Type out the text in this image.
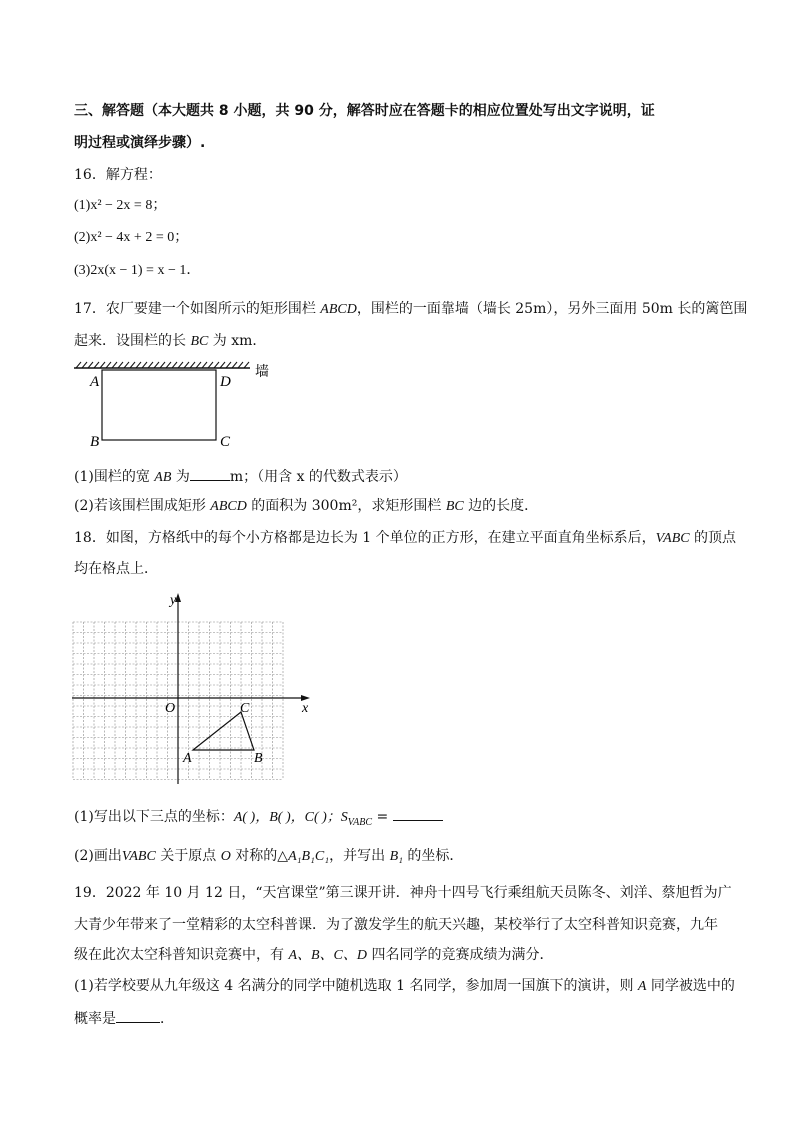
三、解答题（本大题共 8 小题，共 90 分，解答时应在答题卡的相应位置处写出文字说明，证
明过程或演绎步骤）.
16．解方程：
(1)x² − 2x = 8；
(2)x² − 4x + 2 = 0；
(3)2x(x − 1) = x − 1．
17．农厂要建一个如图所示的矩形围栏 ABCD，围栏的一面靠墙（墙长 25m），另外三面用 50m 长的篱笆围
起来．设围栏的长 BC 为 xm．
墙
A	D
B	C
(1)围栏的宽 AB 为	m；（用含 x 的代数式表示）
(2)若该围栏围成矩形 ABCD 的面积为 300m²，求矩形围栏 BC 边的长度．
18．如图，方格纸中的每个小方格都是边长为 1 个单位的正方形，在建立平面直角坐标系后，VABC 的顶点
均在格点上．
x
y
O
A	B
C
(1)写出以下三点的坐标：A( )，B( )，C( )；$S_{VABC}$ =
(2)画出VABC 关于原点 O 对称的△A₁B₁C₁，并写出 B₁ 的坐标．
19．2022 年 10 月 12 日，“天宫课堂”第三课开讲．神舟十四号飞行乘组航天员陈冬、刘洋、蔡旭哲为广
大青少年带来了一堂精彩的太空科普课．为了激发学生的航天兴趣，某校举行了太空科普知识竞赛，九年
级在此次太空科普知识竞赛中，有 A、B、C、D 四名同学的竞赛成绩为满分．
(1)若学校要从九年级这 4 名满分的同学中随机选取 1 名同学，参加周一国旗下的演讲，则 A 同学被选中的
概率是	．
